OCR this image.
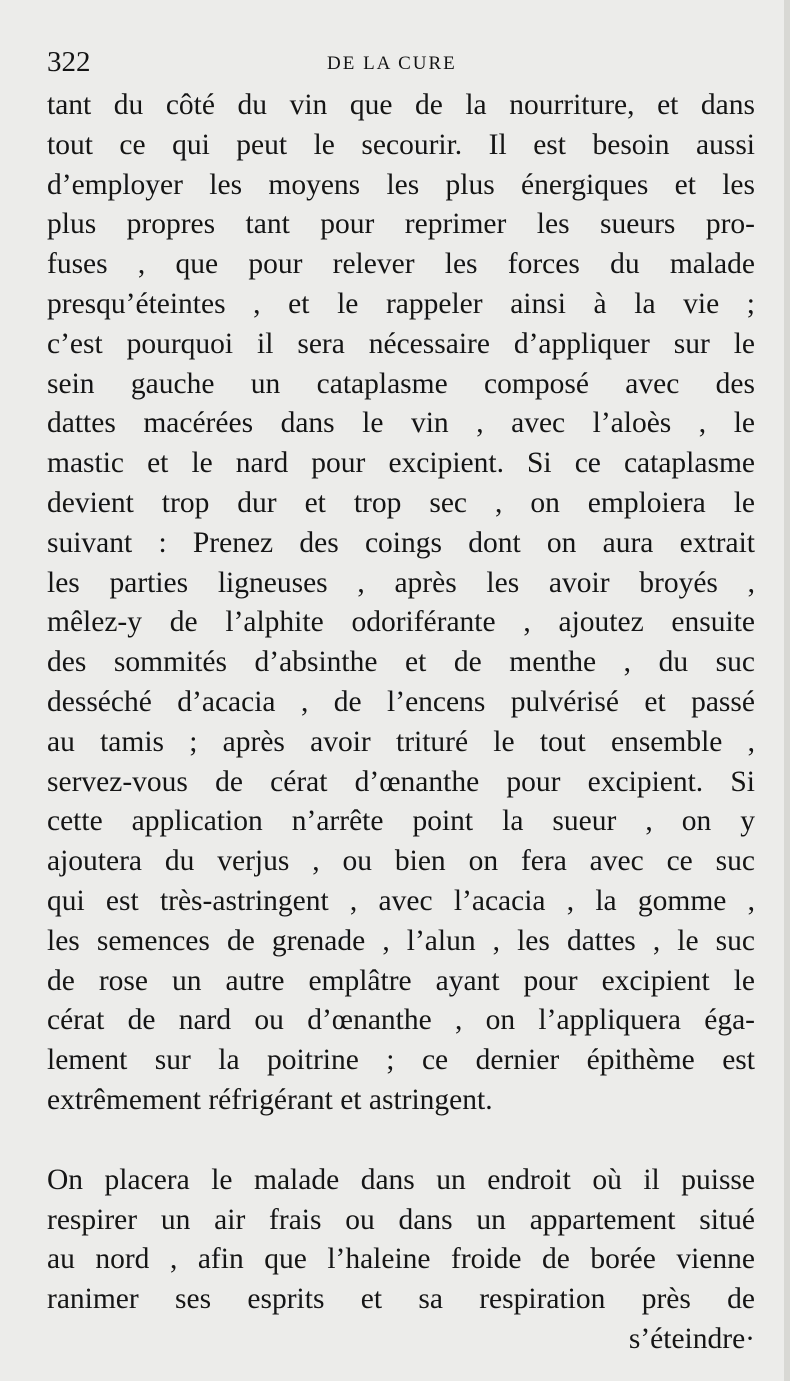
322	DE LA CURE

tant du côté du vin que de la nourriture, et dans
tout ce qui peut le secourir. Il est besoin aussi
d’employer les moyens les plus énergiques et les
plus propres tant pour reprimer les sueurs pro-
fuses , que pour relever les forces du malade
presqu’éteintes , et le rappeler ainsi à la vie ;
c’est pourquoi il sera nécessaire d’appliquer sur le
sein gauche un cataplasme composé avec des
dattes macérées dans le vin , avec l’aloès , le
mastic et le nard pour excipient. Si ce cataplasme
devient trop dur et trop sec , on emploiera le
suivant : Prenez des coings dont on aura extrait
les parties ligneuses , après les avoir broyés ,
mêlez-y de l’alphite odoriférante , ajoutez ensuite
des sommités d’absinthe et de menthe , du suc
desséché d’acacia , de l’encens pulvérisé et passé
au tamis ; après avoir trituré le tout ensemble ,
servez-vous de cérat d’œnanthe pour excipient. Si
cette application n’arrête point la sueur , on y
ajoutera du verjus , ou bien on fera avec ce suc
qui est très-astringent , avec l’acacia , la gomme ,
les semences de grenade , l’alun , les dattes , le suc
de rose un autre emplâtre ayant pour excipient le
cérat de nard ou d’œnanthe , on l’appliquera éga-
lement sur la poitrine ; ce dernier épithème est
extrêmement réfrigérant et astringent.

On placera le malade dans un endroit où il puisse
respirer un air frais ou dans un appartement situé
au nord , afin que l’haleine froide de borée vienne
ranimer ses esprits et sa respiration près de
s’éteindre·
